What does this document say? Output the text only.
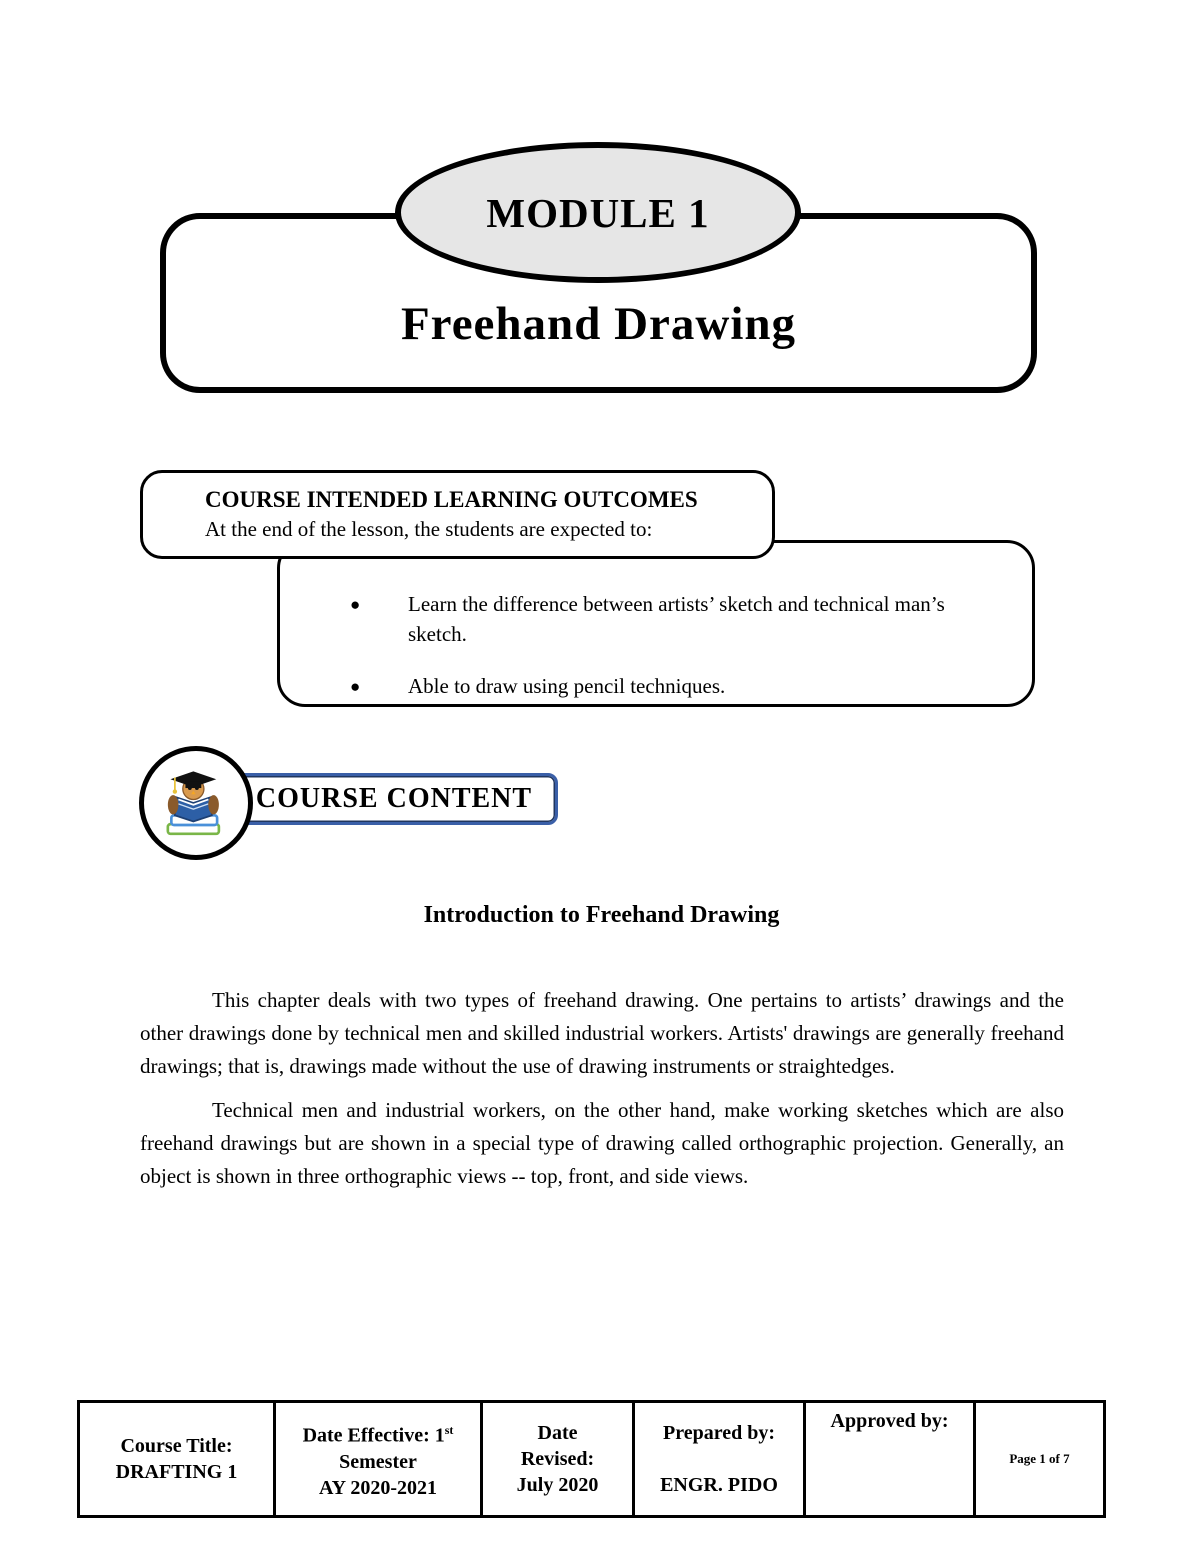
Freehand Drawing
MODULE 1
● Learn the difference between artists’ sketch and technical man’s sketch.
● Able to draw using pencil techniques.
COURSE INTENDED LEARNING OUTCOMES
At the end of the lesson, the students are expected to:
COURSE CONTENT
Introduction to Freehand Drawing

This chapter deals with two types of freehand drawing. One pertains to artists’ drawings and the other drawings done by technical men and skilled industrial workers. Artists' drawings are generally freehand drawings; that is, drawings made without the use of drawing instruments or straightedges.

Technical men and industrial workers, on the other hand, make working sketches which are also freehand drawings but are shown in a special type of drawing called orthographic projection. Generally, an object is shown in three orthographic views -- top, front, and side views.

Course Title:
DRAFTING 1

Date Effective: 1st
Semester
AY 2020-2021

Date
Revised:
July 2020

Prepared by:
ENGR. PIDO

Approved by:

Page 1 of 7
